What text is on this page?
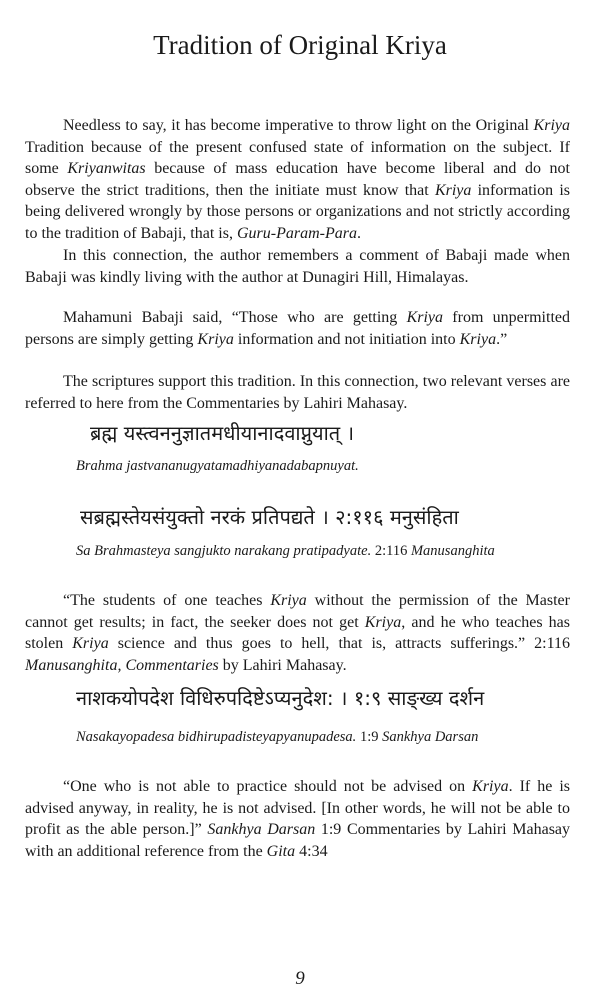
Tradition of Original Kriya

Needless to say, it has become imperative to throw light on the Original Kriya Tradition because of the present confused state of information on the subject. If some Kriyanwitas because of mass education have become liberal and do not observe the strict traditions, then the initiate must know that Kriya information is being delivered wrongly by those persons or organizations and not strictly according to the tradition of Babaji, that is, Guru-Param-Para.

In this connection, the author remembers a comment of Babaji made when Babaji was kindly living with the author at Dunagiri Hill, Himalayas.

Mahamuni Babaji said, “Those who are getting Kriya from unpermitted persons are simply getting Kriya information and not initiation into Kriya.”

The scriptures support this tradition. In this connection, two relevant verses are referred to here from the Commentaries by Lahiri Mahasay.

ब्रह्म यस्त्वननुज्ञातमधीयानादवाप्नुयात् ।

Brahma jastvananugyatamadhiyanadabapnuyat.

सब्रह्मस्तेयसंयुक्तो नरकं प्रतिपद्यते । २:११६ मनुसंहिता

Sa Brahmasteya sangjukto narakang pratipadyate. 2:116 Manusanghita

“The students of one teaches Kriya without the permission of the Master cannot get results; in fact, the seeker does not get Kriya, and he who teaches has stolen Kriya science and thus goes to hell, that is, attracts sufferings.” 2:116 Manusanghita, Commentaries by Lahiri Mahasay.

नाशकयोपदेश विधिरुपदिष्टेऽप्यनुदेश: । १:९ साङ्ख्य दर्शन

Nasakayopadesa bidhirupadisteyapyanupadesa. 1:9 Sankhya Darsan

“One who is not able to practice should not be advised on Kriya. If he is advised anyway, in reality, he is not advised. [In other words, he will not be able to profit as the able person.]” Sankhya Darsan 1:9 Commentaries by Lahiri Mahasay with an additional reference from the Gita 4:34

9
